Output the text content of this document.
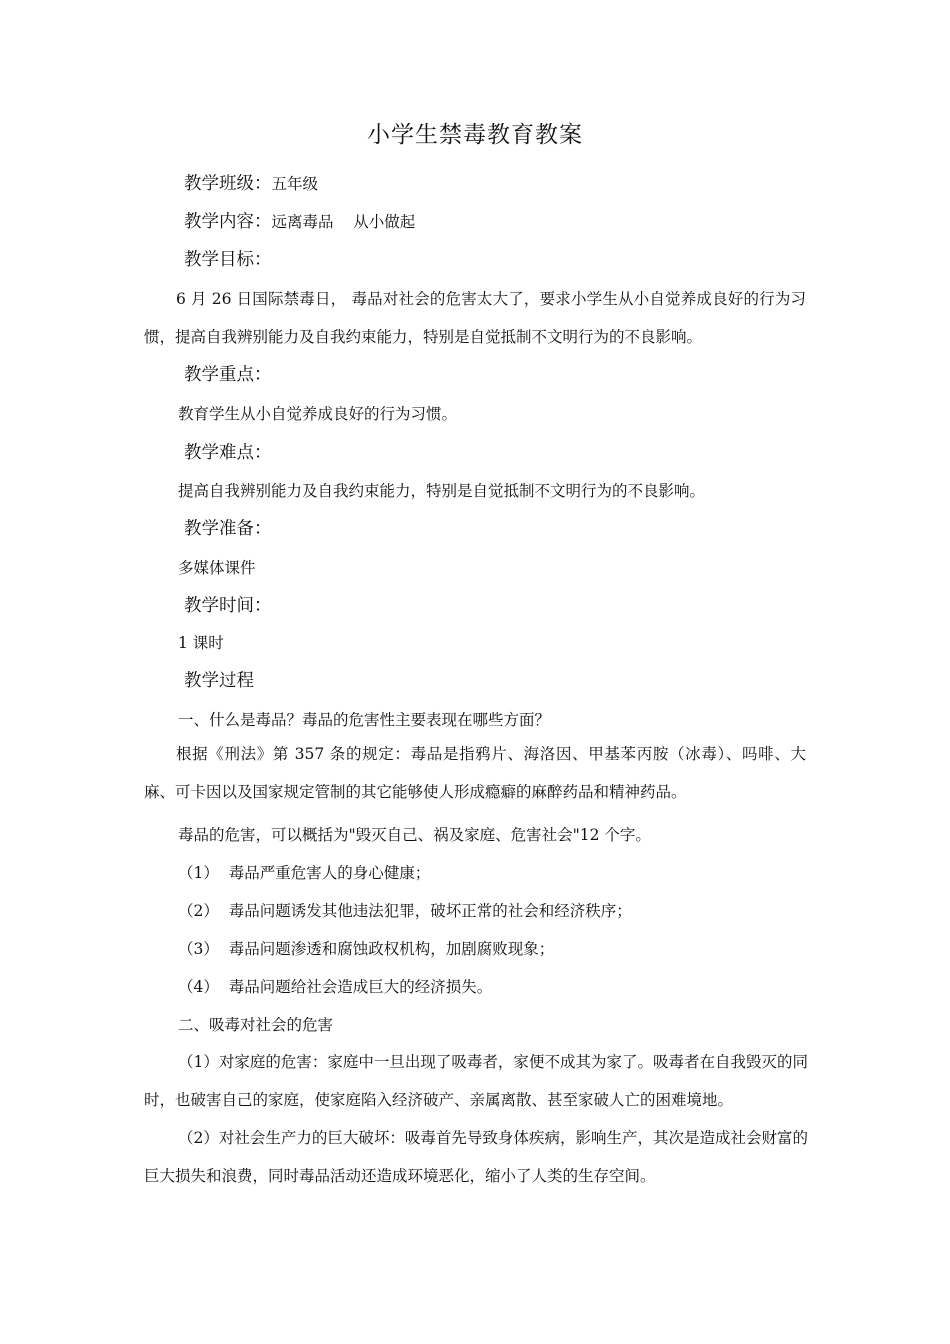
小学生禁毒教育教案
教学班级：五年级
教学内容：远离毒品    从小做起
教学目标：
6 月 26 日国际禁毒日， 毒品对社会的危害太大了，要求小学生从小自觉养成良好的行为习惯，提高自我辨别能力及自我约束能力，特别是自觉抵制不文明行为的不良影响。
教学重点：
教育学生从小自觉养成良好的行为习惯。
教学难点：
提高自我辨别能力及自我约束能力，特别是自觉抵制不文明行为的不良影响。
教学准备：
多媒体课件
教学时间：
1 课时
教学过程
一、什么是毒品？毒品的危害性主要表现在哪些方面？
根据《刑法》第 357 条的规定：毒品是指鸦片、海洛因、甲基苯丙胺（冰毒）、吗啡、大麻、可卡因以及国家规定管制的其它能够使人形成瘾癖的麻醉药品和精神药品。
毒品的危害，可以概括为"毁灭自己、祸及家庭、危害社会"12 个字。
（1）  毒品严重危害人的身心健康；
（2）  毒品问题诱发其他违法犯罪，破坏正常的社会和经济秩序；
（3）  毒品问题渗透和腐蚀政权机构，加剧腐败现象；
（4）  毒品问题给社会造成巨大的经济损失。
二、吸毒对社会的危害
（1）对家庭的危害：家庭中一旦出现了吸毒者，家便不成其为家了。吸毒者在自我毁灭的同时，也破害自己的家庭，使家庭陷入经济破产、亲属离散、甚至家破人亡的困难境地。
（2）对社会生产力的巨大破坏：吸毒首先导致身体疾病，影响生产，其次是造成社会财富的巨大损失和浪费，同时毒品活动还造成环境恶化，缩小了人类的生存空间。
